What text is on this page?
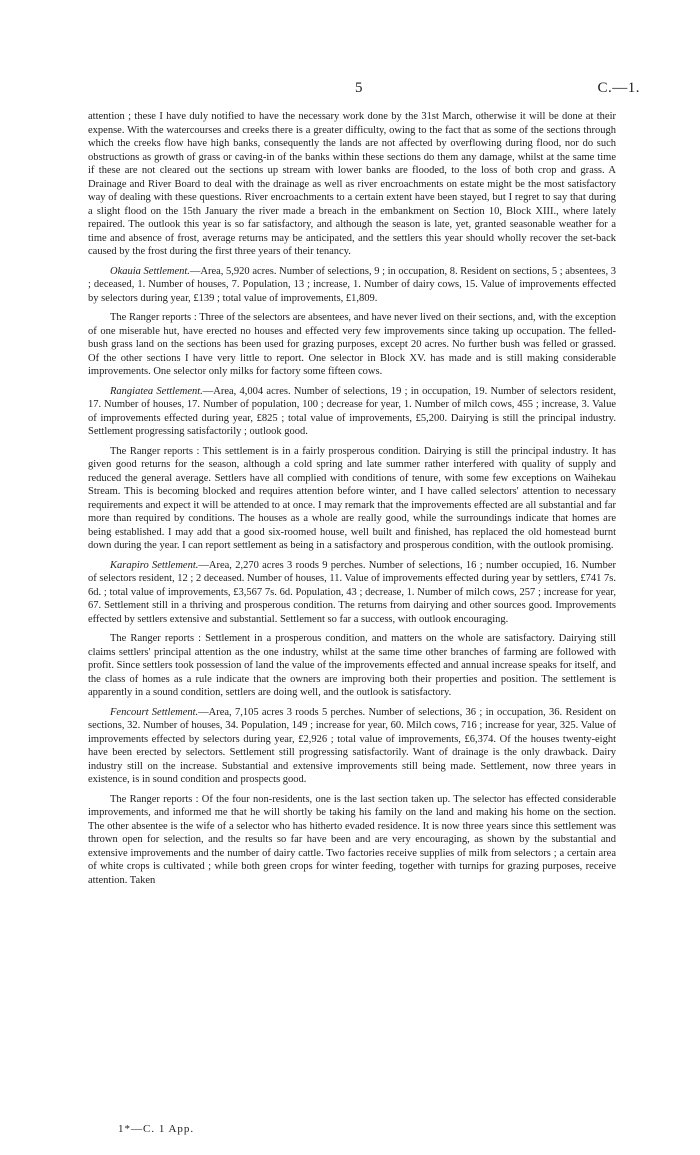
5	C.—1.

attention ; these I have duly notified to have the necessary work done by the 31st March, otherwise it will be done at their expense. With the watercourses and creeks there is a greater difficulty, owing to the fact that as some of the sections through which the creeks flow have high banks, consequently the lands are not affected by overflowing during flood, nor do such obstructions as growth of grass or caving-in of the banks within these sections do them any damage, whilst at the same time if these are not cleared out the sections up stream with lower banks are flooded, to the loss of both crop and grass. A Drainage and River Board to deal with the drainage as well as river encroachments on estate might be the most satisfactory way of dealing with these questions. River encroachments to a certain extent have been stayed, but I regret to say that during a slight flood on the 15th January the river made a breach in the embankment on Section 10, Block XIII., where lately repaired. The outlook this year is so far satisfactory, and although the season is late, yet, granted seasonable weather for a time and absence of frost, average returns may be anticipated, and the settlers this year should wholly recover the set-back caused by the frost during the first three years of their tenancy.

Okauia Settlement.—Area, 5,920 acres. Number of selections, 9 ; in occupation, 8. Resident on sections, 5 ; absentees, 3 ; deceased, 1. Number of houses, 7. Population, 13 ; increase, 1. Number of dairy cows, 15. Value of improvements effected by selectors during year, £139 ; total value of improvements, £1,809.

The Ranger reports : Three of the selectors are absentees, and have never lived on their sections, and, with the exception of one miserable hut, have erected no houses and effected very few improvements since taking up occupation. The felled-bush grass land on the sections has been used for grazing purposes, except 20 acres. No further bush was felled or grassed. Of the other sections I have very little to report. One selector in Block XV. has made and is still making considerable improvements. One selector only milks for factory some fifteen cows.

Rangiatea Settlement.—Area, 4,004 acres. Number of selections, 19 ; in occupation, 19. Number of selectors resident, 17. Number of houses, 17. Number of population, 100 ; decrease for year, 1. Number of milch cows, 455 ; increase, 3. Value of improvements effected during year, £825 ; total value of improvements, £5,200. Dairying is still the principal industry. Settlement progressing satisfactorily ; outlook good.

The Ranger reports : This settlement is in a fairly prosperous condition. Dairying is still the principal industry. It has given good returns for the season, although a cold spring and late summer rather interfered with quality of supply and reduced the general average. Settlers have all complied with conditions of tenure, with some few exceptions on Waihekau Stream. This is becoming blocked and requires attention before winter, and I have called selectors' attention to necessary requirements and expect it will be attended to at once. I may remark that the improvements effected are all substantial and far more than required by conditions. The houses as a whole are really good, while the surroundings indicate that homes are being established. I may add that a good six-roomed house, well built and finished, has replaced the old homestead burnt down during the year. I can report settlement as being in a satisfactory and prosperous condition, with the outlook promising.

Karapiro Settlement.—Area, 2,270 acres 3 roods 9 perches. Number of selections, 16 ; number occupied, 16. Number of selectors resident, 12 ; 2 deceased. Number of houses, 11. Value of improvements effected during year by settlers, £741 7s. 6d. ; total value of improvements, £3,567 7s. 6d. Population, 43 ; decrease, 1. Number of milch cows, 257 ; increase for year, 67. Settlement still in a thriving and prosperous condition. The returns from dairying and other sources good. Improvements effected by settlers extensive and substantial. Settlement so far a success, with outlook encouraging.

The Ranger reports : Settlement in a prosperous condition, and matters on the whole are satisfactory. Dairying still claims settlers' principal attention as the one industry, whilst at the same time other branches of farming are followed with profit. Since settlers took possession of land the value of the improvements effected and annual increase speaks for itself, and the class of homes as a rule indicate that the owners are improving both their properties and position. The settlement is apparently in a sound condition, settlers are doing well, and the outlook is satisfactory.

Fencourt Settlement.—Area, 7,105 acres 3 roods 5 perches. Number of selections, 36 ; in occupation, 36. Resident on sections, 32. Number of houses, 34. Population, 149 ; increase for year, 60. Milch cows, 716 ; increase for year, 325. Value of improvements effected by selectors during year, £2,926 ; total value of improvements, £6,374. Of the houses twenty-eight have been erected by selectors. Settlement still progressing satisfactorily. Want of drainage is the only drawback. Dairy industry still on the increase. Substantial and extensive improvements still being made. Settlement, now three years in existence, is in sound condition and prospects good.

The Ranger reports : Of the four non-residents, one is the last section taken up. The selector has effected considerable improvements, and informed me that he will shortly be taking his family on the land and making his home on the section. The other absentee is the wife of a selector who has hitherto evaded residence. It is now three years since this settlement was thrown open for selection, and the results so far have been and are very encouraging, as shown by the substantial and extensive improvements and the number of dairy cattle. Two factories receive supplies of milk from selectors ; a certain area of white crops is cultivated ; while both green crops for winter feeding, together with turnips for grazing purposes, receive attention. Taken

1*—C. 1 App.
